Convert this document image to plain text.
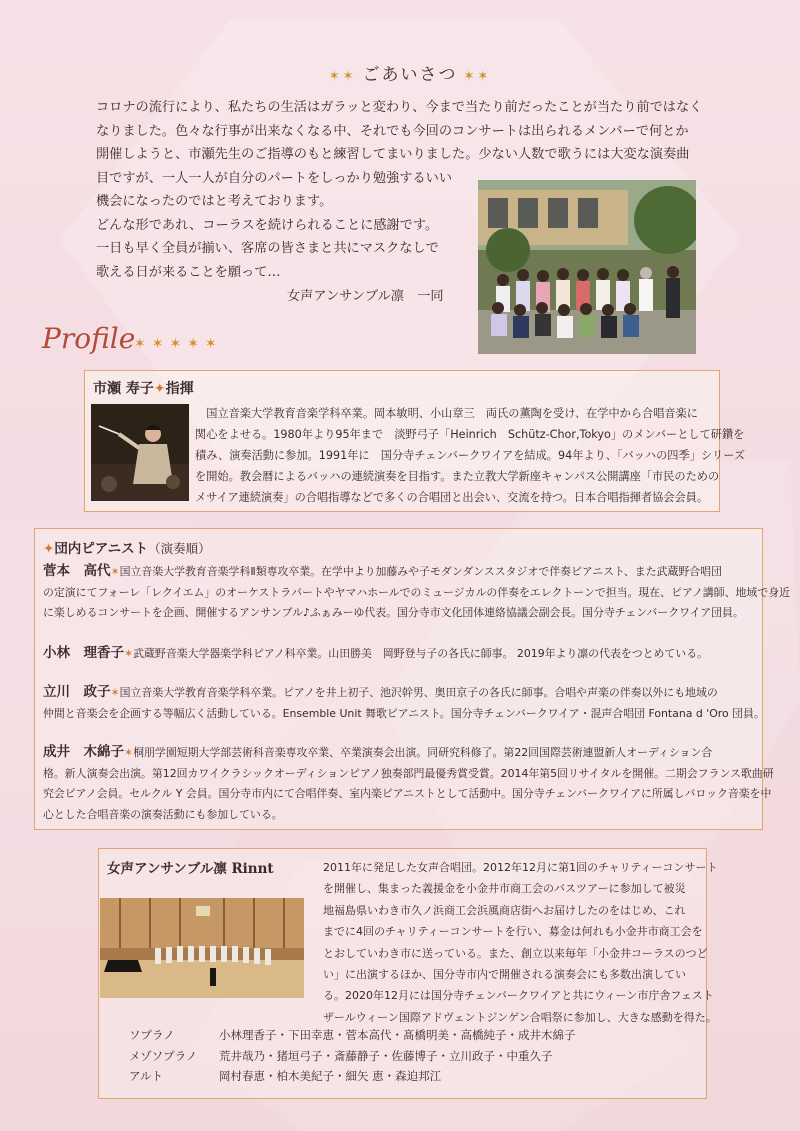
✶✶ ごあいさつ ✶✶

コロナの流行により、私たちの生活はガラッと変わり、今まで当たり前だったことが当たり前ではなく

なりました。色々な行事が出来なくなる中、それでも今回のコンサートは出られるメンバーで何とか

開催しようと、市瀬先生のご指導のもと練習してまいりました。少ない人数で歌うには大変な演奏曲

目ですが、一人一人が自分のパートをしっかり勉強するいい

機会になったのではと考えております。

どんな形であれ、コーラスを続けられることに感謝です。

一日も早く全員が揃い、客席の皆さまと共にマスクなしで

歌える日が来ることを願って…

女声アンサンブル凛　一同
Profile
✶✶✶✶✶
市瀬 寿子✦指揮

　国立音楽大学教育音楽学科卒業。岡本敏明、小山章三　両氏の薫陶を受け、在学中から合唱音楽に

関心をよせる。1980年より95年まで　淡野弓子「Heinrich　Schütz-Chor,Tokyo」のメンバーとして研鑽を

積み、演奏活動に参加。1991年に　国分寺チェンバークワイアを結成。94年より、「バッハの四季」シリーズ

を開始。教会暦によるバッハの連続演奏を目指す。また立教大学新座キャンパス公開講座「市民のための

メサイア連続演奏」の合唱指導などで多くの合唱団と出会い、交流を持つ。日本合唱指揮者協会会員。

✦団内ピアニスト（演奏順）

菅本　高代✶国立音楽大学教育音楽学科Ⅱ類専攻卒業。在学中より加藤みや子モダンダンススタジオで伴奏ピアニスト、また武蔵野合唱団

の定演にてフォーレ「レクイエム」のオーケストラパートやヤマハホールでのミュージカルの伴奏をエレクトーンで担当。現在、ピアノ講師、地域で身近

に楽しめるコンサートを企画、開催するアンサンブル♪ふぁみーゆ代表。国分寺市文化団体連絡協議会副会長。国分寺チェンバークワイア団員。

小林　理香子✶武蔵野音楽大学器楽学科ピアノ科卒業。山田勝美　岡野登与子の各氏に師事。 2019年より凛の代表をつとめている。

立川　政子✶国立音楽大学教育音楽学科卒業。ピアノを井上初子、池沢幹男、奥田京子の各氏に師事。合唱や声楽の伴奏以外にも地域の

仲間と音楽会を企画する等幅広く活動している。Ensemble Unit 舞歌ピアニスト。国分寺チェンバークワイア・混声合唱団 Fontana d 'Oro 団員。

成井　木綿子✶桐朋学園短期大学部芸術科音楽専攻卒業、卒業演奏会出演。同研究科修了。第22回国際芸術連盟新人オーディション合

格。新人演奏会出演。第12回カワイクラシックオーディションピアノ独奏部門最優秀賞受賞。2014年第5回リサイタルを開催。二期会フランス歌曲研

究会ピアノ会員。セルクル Y 会員。国分寺市内にて合唱伴奏、室内楽ピアニストとして活動中。国分寺チェンバークワイアに所属しバロック音楽を中

心とした合唱音楽の演奏活動にも参加している。

女声アンサンブル凛 Rinnt	2011年に発足した女声合唱団。2012年12月に第1回のチャリティーコンサート

を開催し、集まった義援金を小金井市商工会のバスツアーに参加して被災

地福島県いわき市久ノ浜商工会浜風商店街へお届けしたのをはじめ、これ

までに4回のチャリティーコンサートを行い、募金は何れも小金井市商工会を

とおしていわき市に送っている。また、創立以来毎年「小金井コーラスのつど

い」に出演するほか、国分寺市内で開催される演奏会にも多数出演してい

る。2020年12月には国分寺チェンバークワイアと共にウィーン市庁舎フェスト

ザールウィーン国際アドヴェントジンゲン合唱祭に参加し、大きな感動を得た。

ソプラノ	小林理香子・下田幸恵・菅本高代・髙橋明美・高橋純子・成井木綿子
メゾソプラノ	荒井哉乃・猪垣弓子・斎藤静子・佐藤博子・立川政子・中重久子
アルト	岡村春恵・柏木美紀子・細矢 恵・森迫邦江
